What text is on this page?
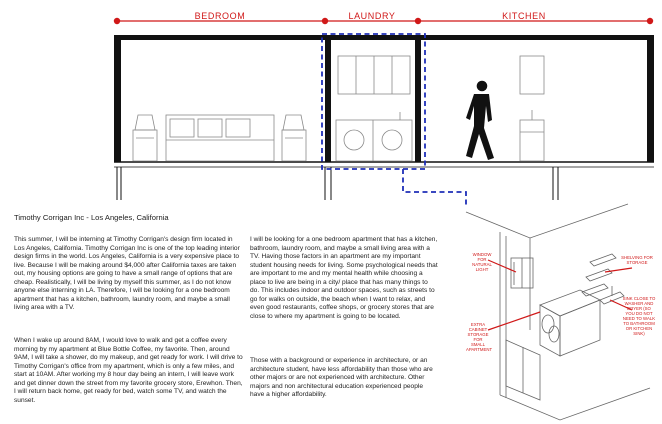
BEDROOM	LAUNDRY	KITCHEN
Timothy Corrigan Inc - Los Angeles, California

This summer, I will be interning at Timothy Corrigan's design firm located in Los Angeles, California. Timothy Corrigan Inc is one of the top leading interior design firms in the world. Los Angeles, California is a very expensive place to live. Because I will be making around $4,000 after California taxes are taken out, my housing options are going to have a small range of options that are cheap. Realistically, I will be living by myself this summer, as I do not know anyone else interning in LA. Therefore, I will be looking for a one bedroom apartment that has a kitchen, bathroom, laundry room, and maybe a small living area with a TV.

When I wake up around 8AM, I would love to walk and get a coffee every morning by my apartment at Blue Bottle Coffee, my favorite. Then, around 9AM, I will take a shower, do my makeup, and get ready for work. I will drive to Timothy Corrigan's office from my apartment, which is only a few miles, and start at 10AM. After working my 8 hour day being an intern, I will leave work and get dinner down the street from my favorite grocery store, Erewhon. Then, I will return back home, get ready for bed, watch some TV, and watch the sunset.

I will be looking for a one bedroom apartment that has a kitchen, bathroom, laundry room, and maybe a small living area with a TV. Having those factors in an apartment are my important student housing needs for living. Some psychological needs that are important to me and my mental health while choosing a place to live are being in a city/ place that has many things to do. This includes indoor and outdoor spaces, such as streets to go for walks on outside, the beach when I want to relax, and even good restaurants, coffee shops, or grocery stores that are close to where my apartment is going to be located.

Those with a background or experience in architecture, or an architecture student, have less affordability than those who are other majors or are not experienced with architecture. Other majors and non architectural education experienced people have a higher affordability.

WINDOW FOR NATURAL LIGHT
SHELVING FOR STORAGE
SINK CLOSE TO WASHER AND DRYER (SO YOU DO NOT NEED TO WALK TO BATHROOM OR KITCHEN SINK)
EXTRA CABINET STORAGE FOR SMALL APARTMENT
